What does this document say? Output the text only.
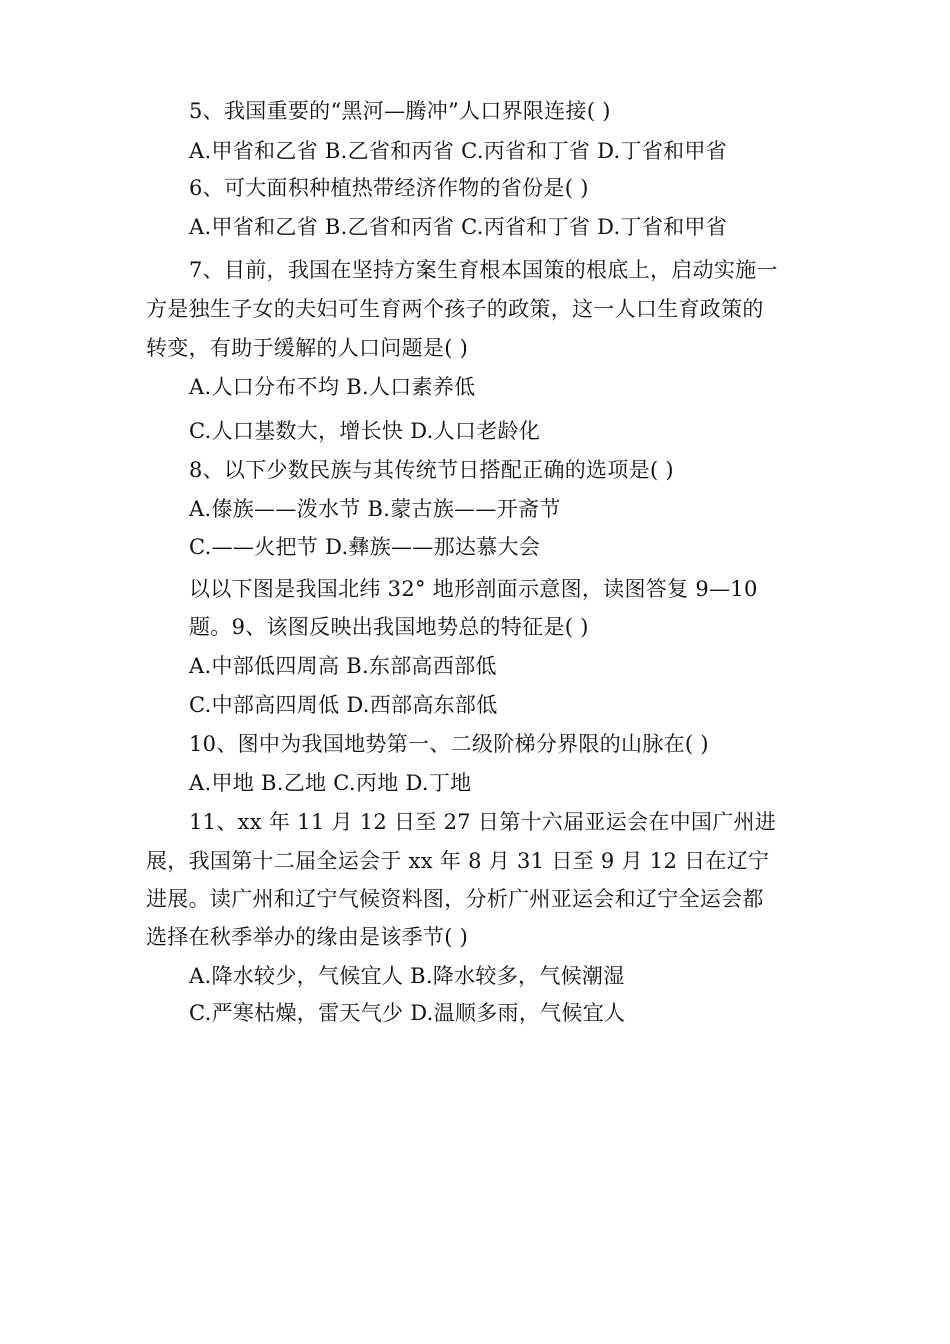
5、我国重要的“黑河—腾冲”人口界限连接( )
A.甲省和乙省 B.乙省和丙省 C.丙省和丁省 D.丁省和甲省
6、可大面积种植热带经济作物的省份是( )
A.甲省和乙省 B.乙省和丙省 C.丙省和丁省 D.丁省和甲省
7、目前，我国在坚持方案生育根本国策的根底上，启动实施一
方是独生子女的夫妇可生育两个孩子的政策，这一人口生育政策的
转变，有助于缓解的人口问题是( )
A.人口分布不均 B.人口素养低
C.人口基数大，增长快 D.人口老龄化
8、以下少数民族与其传统节日搭配正确的选项是( )
A.傣族——泼水节 B.蒙古族——开斋节
C.——火把节 D.彝族——那达慕大会
以以下图是我国北纬 32° 地形剖面示意图，读图答复 9—10
题。9、该图反映出我国地势总的特征是( )
A.中部低四周高 B.东部高西部低
C.中部高四周低 D.西部高东部低
10、图中为我国地势第一、二级阶梯分界限的山脉在( )
A.甲地 B.乙地 C.丙地 D.丁地
11、xx 年 11 月 12 日至 27 日第十六届亚运会在中国广州进
展，我国第十二届全运会于 xx 年 8 月 31 日至 9 月 12 日在辽宁
进展。读广州和辽宁气候资料图，分析广州亚运会和辽宁全运会都
选择在秋季举办的缘由是该季节( )
A.降水较少，气候宜人 B.降水较多，气候潮湿
C.严寒枯燥，雷天气少 D.温顺多雨，气候宜人
